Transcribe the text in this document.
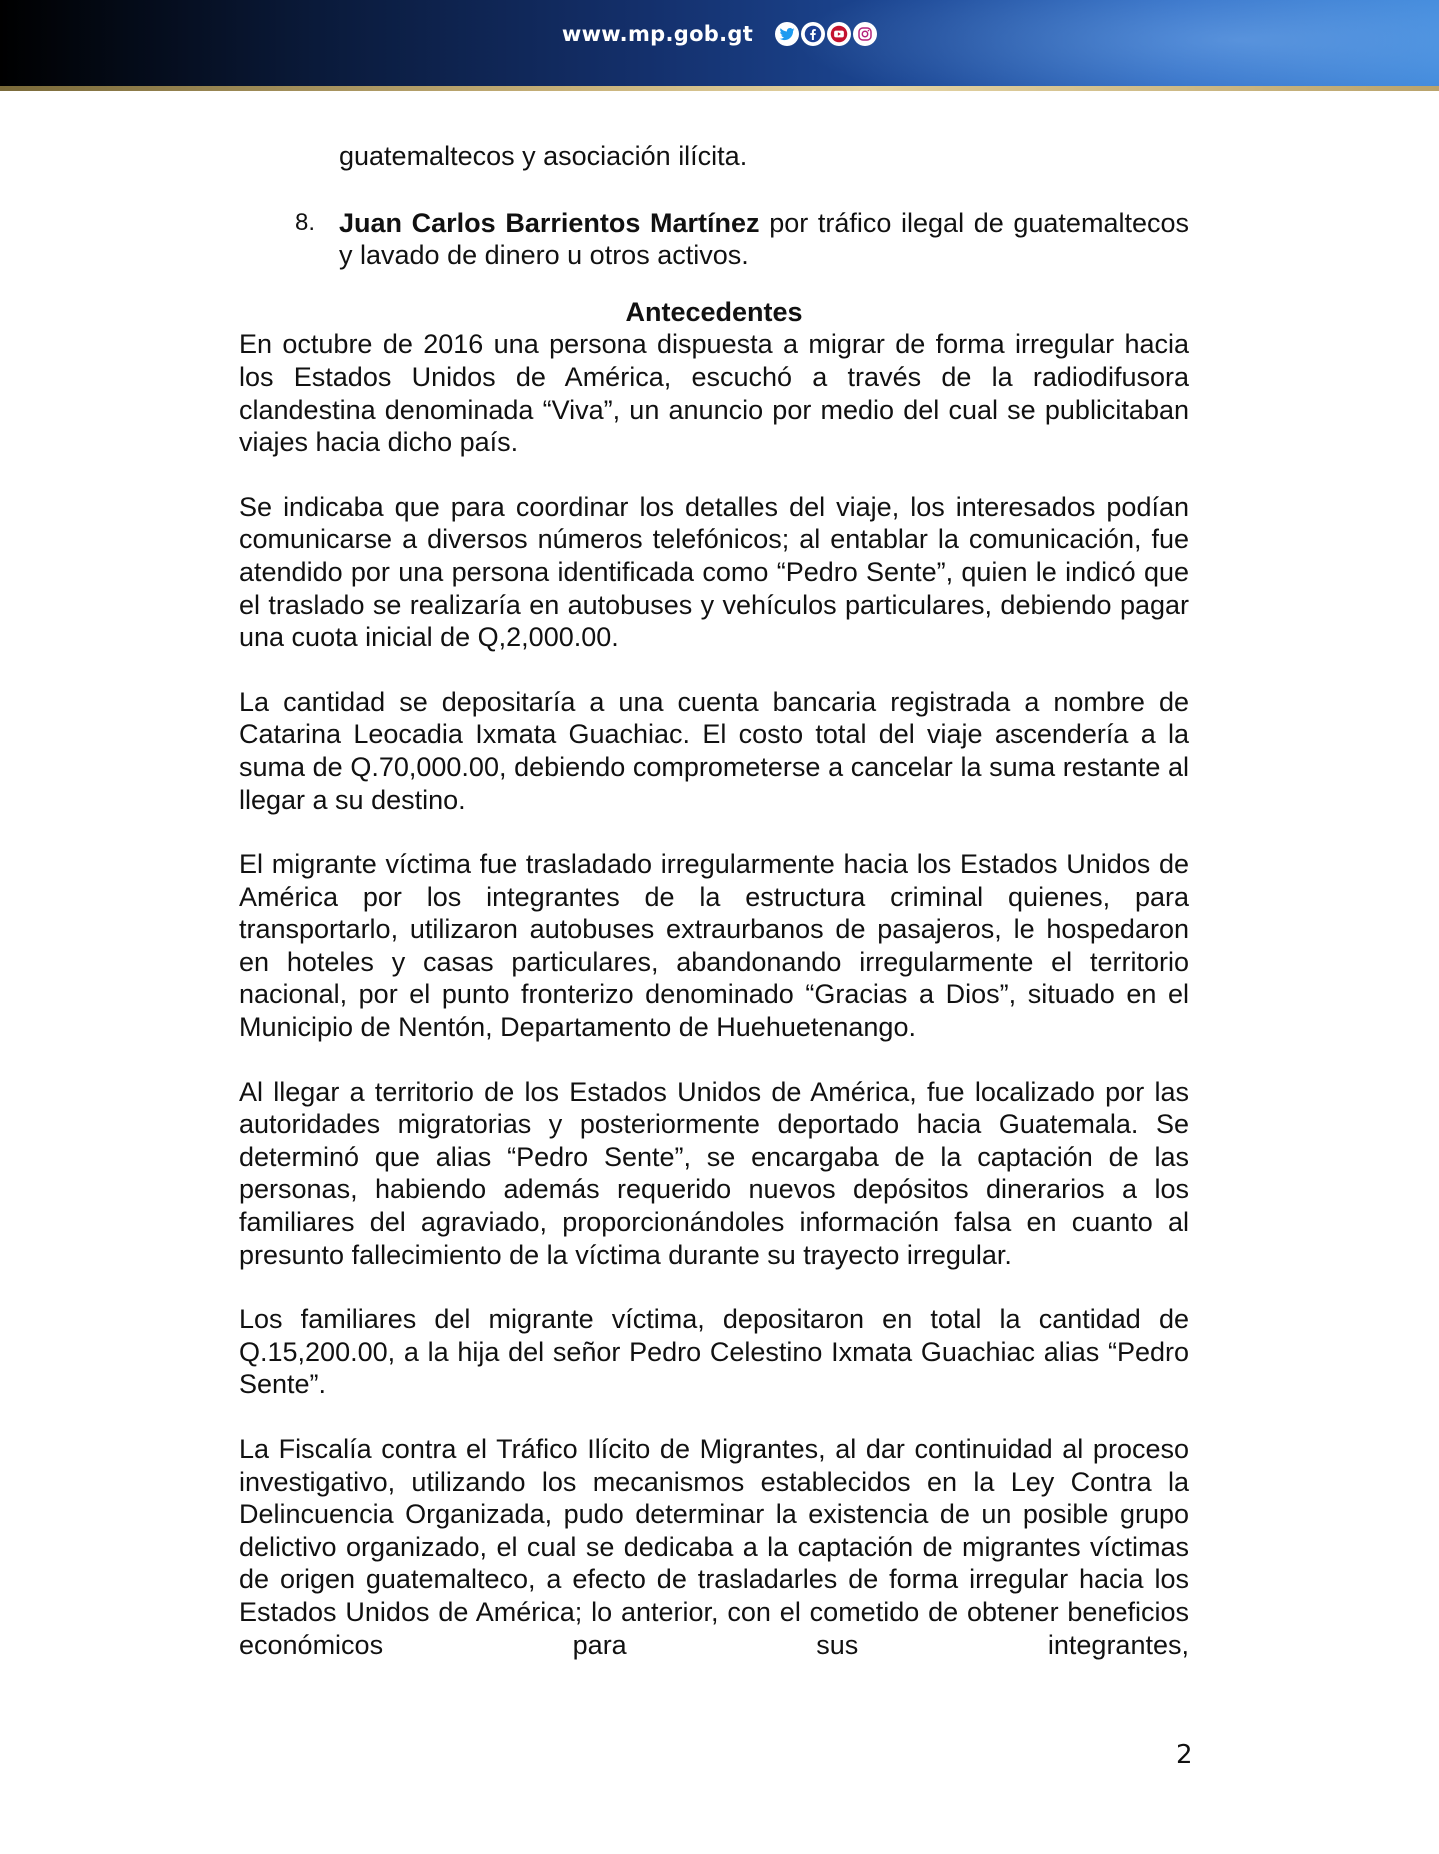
www.mp.gob.gt
guatemaltecos y asociación ilícita.
8. Juan Carlos Barrientos Martínez por tráfico ilegal de guatemaltecos y lavado de dinero u otros activos.
Antecedentes

En octubre de 2016 una persona dispuesta a migrar de forma irregular hacia los Estados Unidos de América, escuchó a través de la radiodifusora clandestina denominada “Viva”, un anuncio por medio del cual se publicitaban viajes hacia dicho país.

Se indicaba que para coordinar los detalles del viaje, los interesados podían comunicarse a diversos números telefónicos; al entablar la comunicación, fue atendido por una persona identificada como “Pedro Sente”, quien le indicó que el traslado se realizaría en autobuses y vehículos particulares, debiendo pagar una cuota inicial de Q,2,000.00.

La cantidad se depositaría a una cuenta bancaria registrada a nombre de Catarina Leocadia Ixmata Guachiac. El costo total del viaje ascendería a la suma de Q.70,000.00, debiendo comprometerse a cancelar la suma restante al llegar a su destino.

El migrante víctima fue trasladado irregularmente hacia los Estados Unidos de América por los integrantes de la estructura criminal quienes, para transportarlo, utilizaron autobuses extraurbanos de pasajeros, le hospedaron en hoteles y casas particulares, abandonando irregularmente el territorio nacional, por el punto fronterizo denominado “Gracias a Dios”, situado en el Municipio de Nentón, Departamento de Huehuetenango.

Al llegar a territorio de los Estados Unidos de América, fue localizado por las autoridades migratorias y posteriormente deportado hacia Guatemala. Se determinó que alias “Pedro Sente”, se encargaba de la captación de las personas, habiendo además requerido nuevos depósitos dinerarios a los familiares del agraviado, proporcionándoles información falsa en cuanto al presunto fallecimiento de la víctima durante su trayecto irregular.

Los familiares del migrante víctima, depositaron en total la cantidad de Q.15,200.00, a la hija del señor Pedro Celestino Ixmata Guachiac alias “Pedro Sente”.

La Fiscalía contra el Tráfico Ilícito de Migrantes, al dar continuidad al proceso investigativo, utilizando los mecanismos establecidos en la Ley Contra la Delincuencia Organizada, pudo determinar la existencia de un posible grupo delictivo organizado, el cual se dedicaba a la captación de migrantes víctimas de origen guatemalteco, a efecto de trasladarles de forma irregular hacia los Estados Unidos de América; lo anterior, con el cometido de obtener beneficios económicos para sus integrantes,

2
